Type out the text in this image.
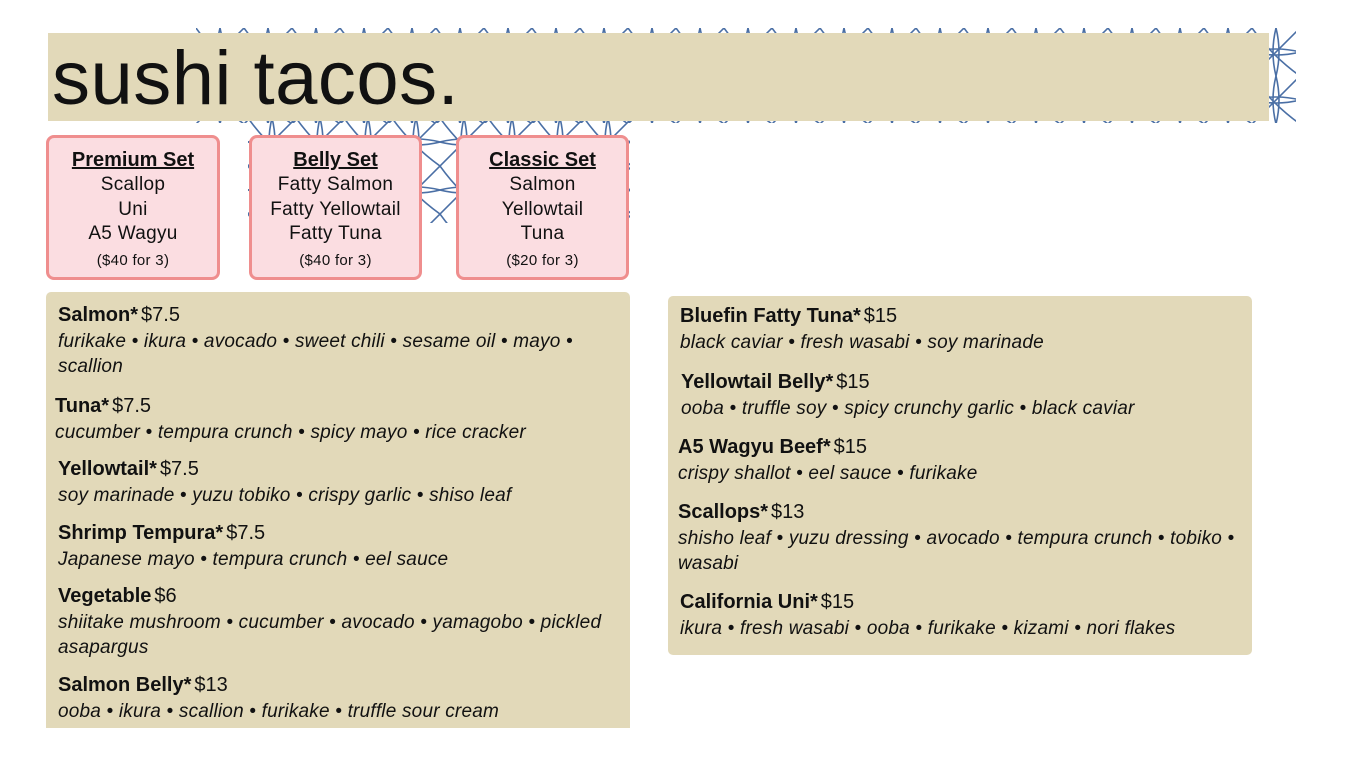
sushi tacos.
Premium Set
Scallop
Uni
A5 Wagyu
($40 for 3)
Belly Set
Fatty Salmon
Fatty Yellowtail
Fatty Tuna
($40 for 3)
Classic Set
Salmon
Yellowtail
Tuna
($20 for 3)
Salmon* $7.5
furikake • ikura • avocado • sweet chili • sesame oil • mayo • scallion
Tuna* $7.5
cucumber • tempura crunch • spicy mayo • rice cracker
Yellowtail* $7.5
soy marinade • yuzu tobiko • crispy garlic • shiso leaf
Shrimp Tempura* $7.5
Japanese mayo • tempura crunch • eel sauce
Vegetable $6
shiitake mushroom • cucumber • avocado • yamagobo • pickled asapargus
Salmon Belly* $13
ooba • ikura • scallion • furikake • truffle sour cream
Bluefin Fatty Tuna* $15
black caviar • fresh wasabi • soy marinade
Yellowtail Belly* $15
ooba • truffle soy • spicy crunchy garlic • black caviar
A5 Wagyu Beef* $15
crispy shallot • eel sauce • furikake
Scallops* $13
shisho leaf • yuzu dressing • avocado • tempura crunch • tobiko • wasabi
California Uni* $15
ikura • fresh wasabi • ooba • furikake • kizami • nori flakes
